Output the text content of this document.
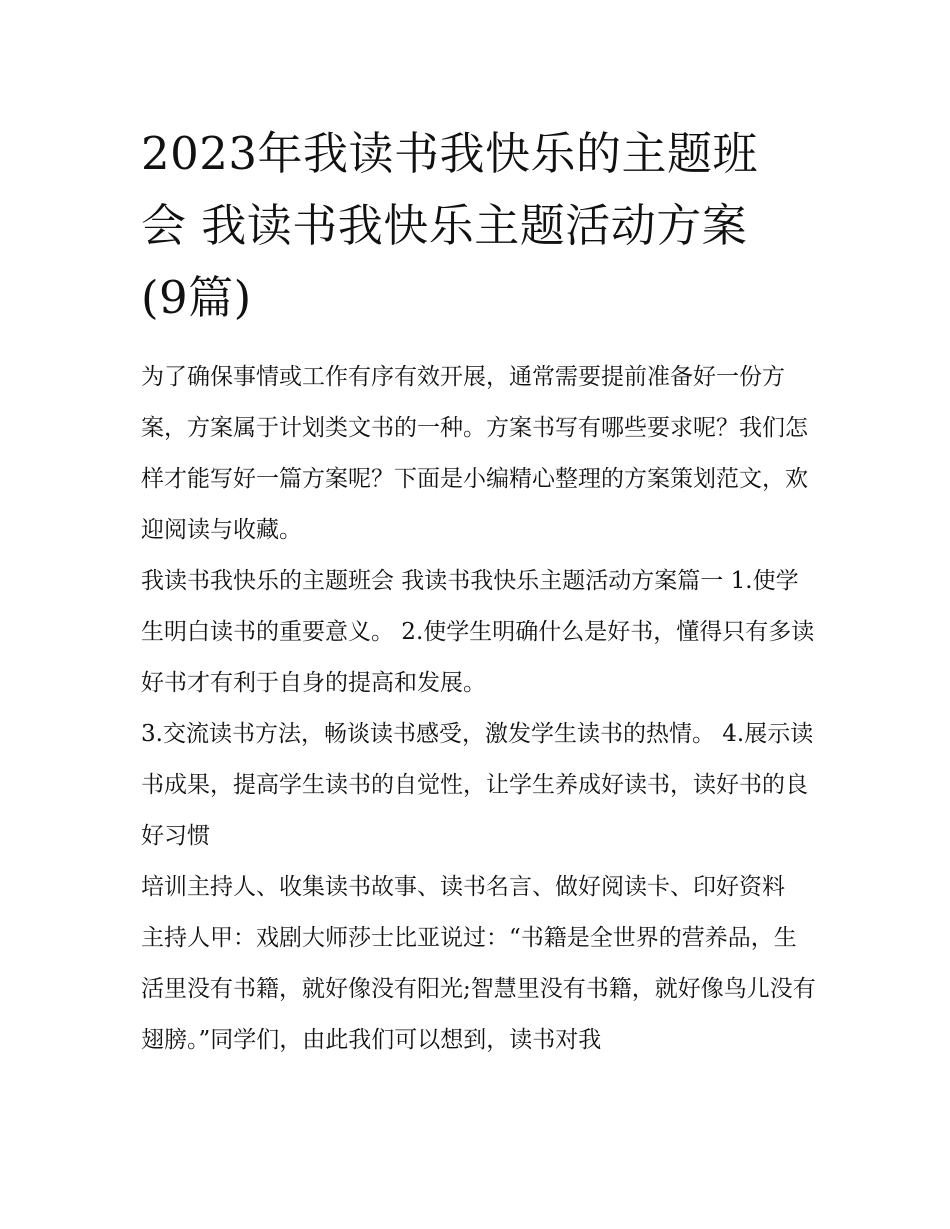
2023年我读书我快乐的主题班
会 我读书我快乐主题活动方案
(9篇)

为了确保事情或工作有序有效开展，通常需要提前准备好一份方案，方案属于计划类文书的一种。方案书写有哪些要求呢？我们怎样才能写好一篇方案呢？下面是小编精心整理的方案策划范文，欢迎阅读与收藏。

我读书我快乐的主题班会 我读书我快乐主题活动方案篇一 1.使学生明白读书的重要意义。 2.使学生明确什么是好书，懂得只有多读好书才有利于自身的提高和发展。

3.交流读书方法，畅谈读书感受，激发学生读书的热情。 4.展示读书成果，提高学生读书的自觉性，让学生养成好读书，读好书的良好习惯

培训主持人、收集读书故事、读书名言、做好阅读卡、印好资料

主持人甲：戏剧大师莎士比亚说过：“书籍是全世界的营养品，生活里没有书籍，就好像没有阳光;智慧里没有书籍，就好像鸟儿没有翅膀。”同学们，由此我们可以想到，读书对我
